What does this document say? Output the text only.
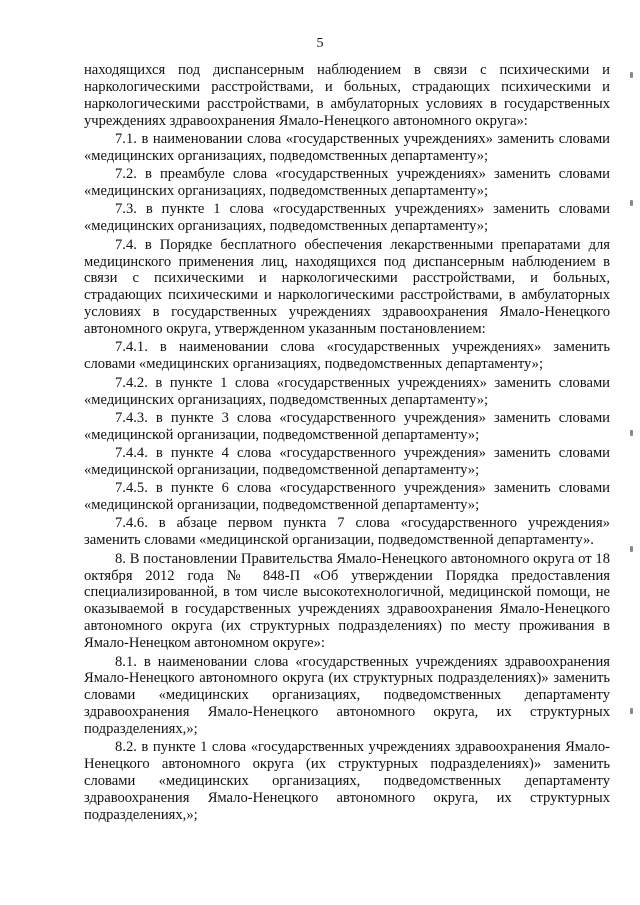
5

находящихся под диспансерным наблюдением в связи с психическими и наркологическими расстройствами, и больных, страдающих психическими и наркологическими расстройствами, в амбулаторных условиях в государственных учреждениях здравоохранения Ямало-Ненецкого автономного округа»:

7.1. в наименовании слова «государственных учреждениях» заменить словами «медицинских организациях, подведомственных департаменту»;

7.2. в преамбуле слова «государственных учреждениях» заменить словами «медицинских организациях, подведомственных департаменту»;

7.3. в пункте 1 слова «государственных учреждениях» заменить словами «медицинских организациях, подведомственных департаменту»;

7.4. в Порядке бесплатного обеспечения лекарственными препаратами для медицинского применения лиц, находящихся под диспансерным наблюдением в связи с психическими и наркологическими расстройствами, и больных, страдающих психическими и наркологическими расстройствами, в амбулаторных условиях в государственных учреждениях здравоохранения Ямало-Ненецкого автономного округа, утвержденном указанным постановлением:

7.4.1. в наименовании слова «государственных учреждениях» заменить словами «медицинских организациях, подведомственных департаменту»;

7.4.2. в пункте 1 слова «государственных учреждениях» заменить словами «медицинских организациях, подведомственных департаменту»;

7.4.3. в пункте 3 слова «государственного учреждения» заменить словами «медицинской организации, подведомственной департаменту»;

7.4.4. в пункте 4 слова «государственного учреждения» заменить словами «медицинской организации, подведомственной департаменту»;

7.4.5. в пункте 6 слова «государственного учреждения» заменить словами «медицинской организации, подведомственной департаменту»;

7.4.6. в абзаце первом пункта 7 слова «государственного учреждения» заменить словами «медицинской организации, подведомственной департаменту».

8. В постановлении Правительства Ямало-Ненецкого автономного округа от 18 октября 2012 года № 848-П «Об утверждении Порядка предоставления специализированной, в том числе высокотехнологичной, медицинской помощи, не оказываемой в государственных учреждениях здравоохранения Ямало-Ненецкого автономного округа (их структурных подразделениях) по месту проживания в Ямало-Ненецком автономном округе»:

8.1. в наименовании слова «государственных учреждениях здравоохранения Ямало-Ненецкого автономного округа (их структурных подразделениях)» заменить словами «медицинских организациях, подведомственных департаменту здравоохранения Ямало-Ненецкого автономного округа, их структурных подразделениях,»;

8.2. в пункте 1 слова «государственных учреждениях здравоохранения Ямало-Ненецкого автономного округа (их структурных подразделениях)» заменить словами «медицинских организациях, подведомственных департаменту здравоохранения Ямало-Ненецкого автономного округа, их структурных подразделениях,»;
